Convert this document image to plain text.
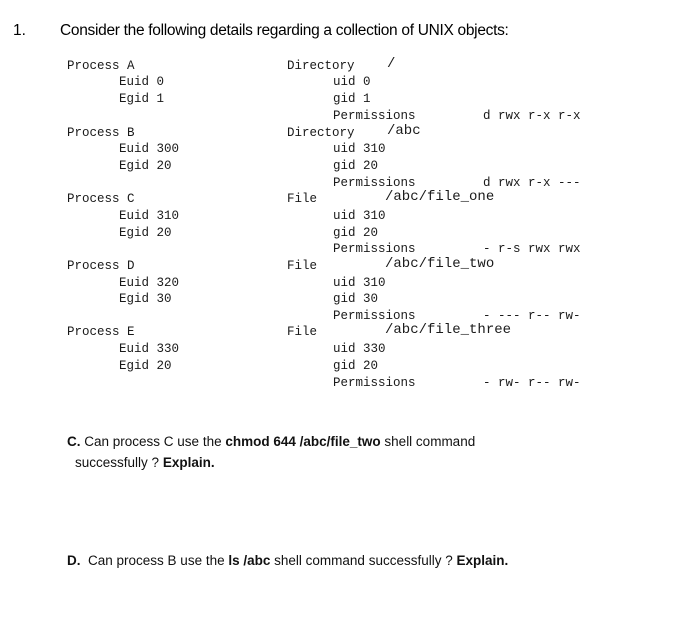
1. Consider the following details regarding a collection of UNIX objects:
Process A
Euid 0
Egid 1
Process B
Euid 300
Egid 20
Process C
Euid 310
Egid 20
Process D
Euid 320
Egid 30
Process E
Euid 330
Egid 20
Directory /
uid 0
gid 1
Permissions	d rwx r-x r-x
Directory /abc
uid 310
gid 20
Permissions	d rwx r-x ---
File	/abc/file_one
uid 310
gid 20
Permissions	- r-s rwx rwx
File	/abc/file_two
uid 310
gid 30
Permissions	- --- r-- rw-
File	/abc/file_three
uid 330
gid 20
Permissions	- rw- r-- rw-
C. Can process C use the chmod 644 /abc/file_two shell command
successfully ? Explain.
D. Can process B use the ls /abc shell command successfully ? Explain.
